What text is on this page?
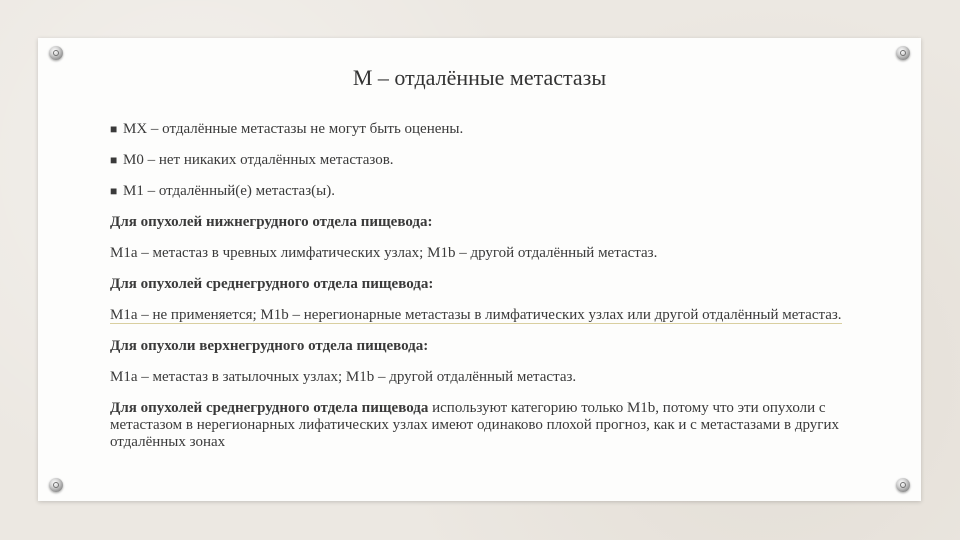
М – отдалённые метастазы

■ МХ – отдалённые метастазы не могут быть оценены.

■ М0 – нет никаких отдалённых метастазов.

■ М1 – отдалённый(е) метастаз(ы).

Для опухолей нижнегрудного отдела пищевода:

М1а – метастаз в чревных лимфатических узлах; М1b – другой отдалённый метастаз.

Для опухолей среднегрудного отдела пищевода:

М1а – не применяется; М1b – нерегионарные метастазы в лимфатических узлах или другой отдалённый метастаз.

Для опухоли верхнегрудного отдела пищевода:

М1а – метастаз в затылочных узлах; М1b – другой отдалённый метастаз.

Для опухолей среднегрудного отдела пищевода используют категорию только М1b, потому что эти опухоли с метастазом в нерегионарных лифатических узлах имеют одинаково плохой прогноз, как и с метастазами в других отдалённых зонах
